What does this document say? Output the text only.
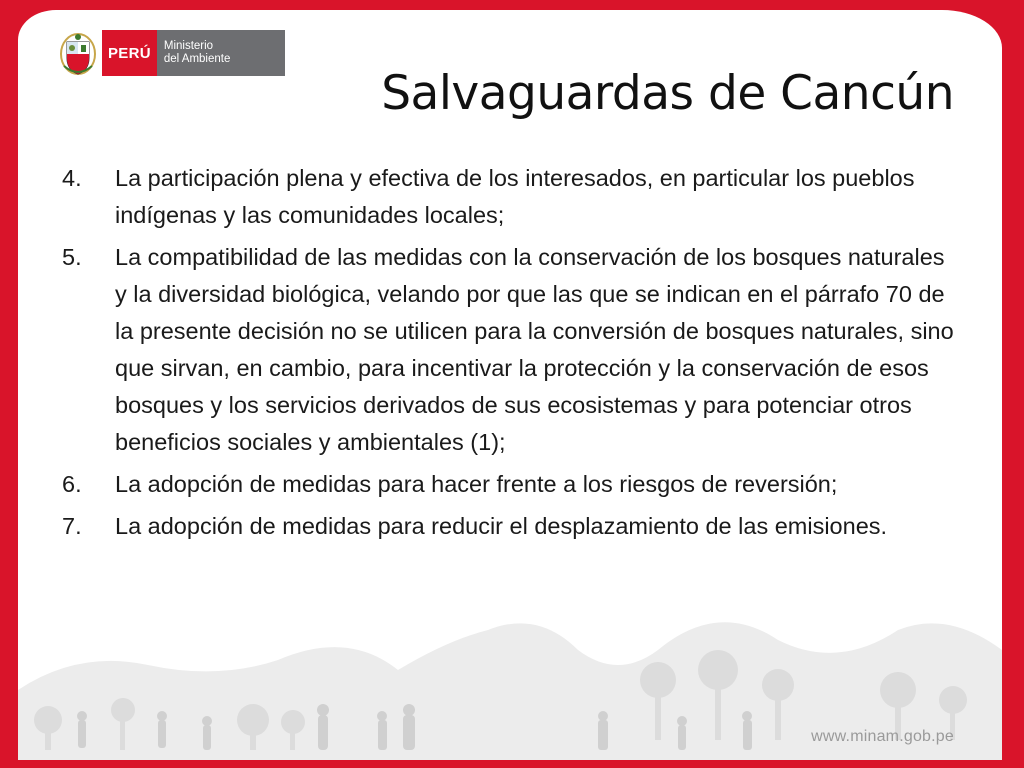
PERÚ	Ministerio
del Ambiente
Salvaguardas de Cancún
4. La participación plena y efectiva de los interesados, en particular los pueblos indígenas y las comunidades locales;
5. La compatibilidad de las medidas con la conservación de los bosques naturales y la diversidad biológica, velando por que las que se indican en el párrafo 70 de la presente decisión no se utilicen para la conversión de bosques naturales, sino que sirvan, en cambio, para incentivar la protección y la conservación de esos bosques y los servicios derivados de sus ecosistemas y para potenciar otros beneficios sociales y ambientales (1);
6. La adopción de medidas para hacer frente a los riesgos de reversión;
7. La adopción de medidas para reducir el desplazamiento de las emisiones.
www.minam.gob.pe
